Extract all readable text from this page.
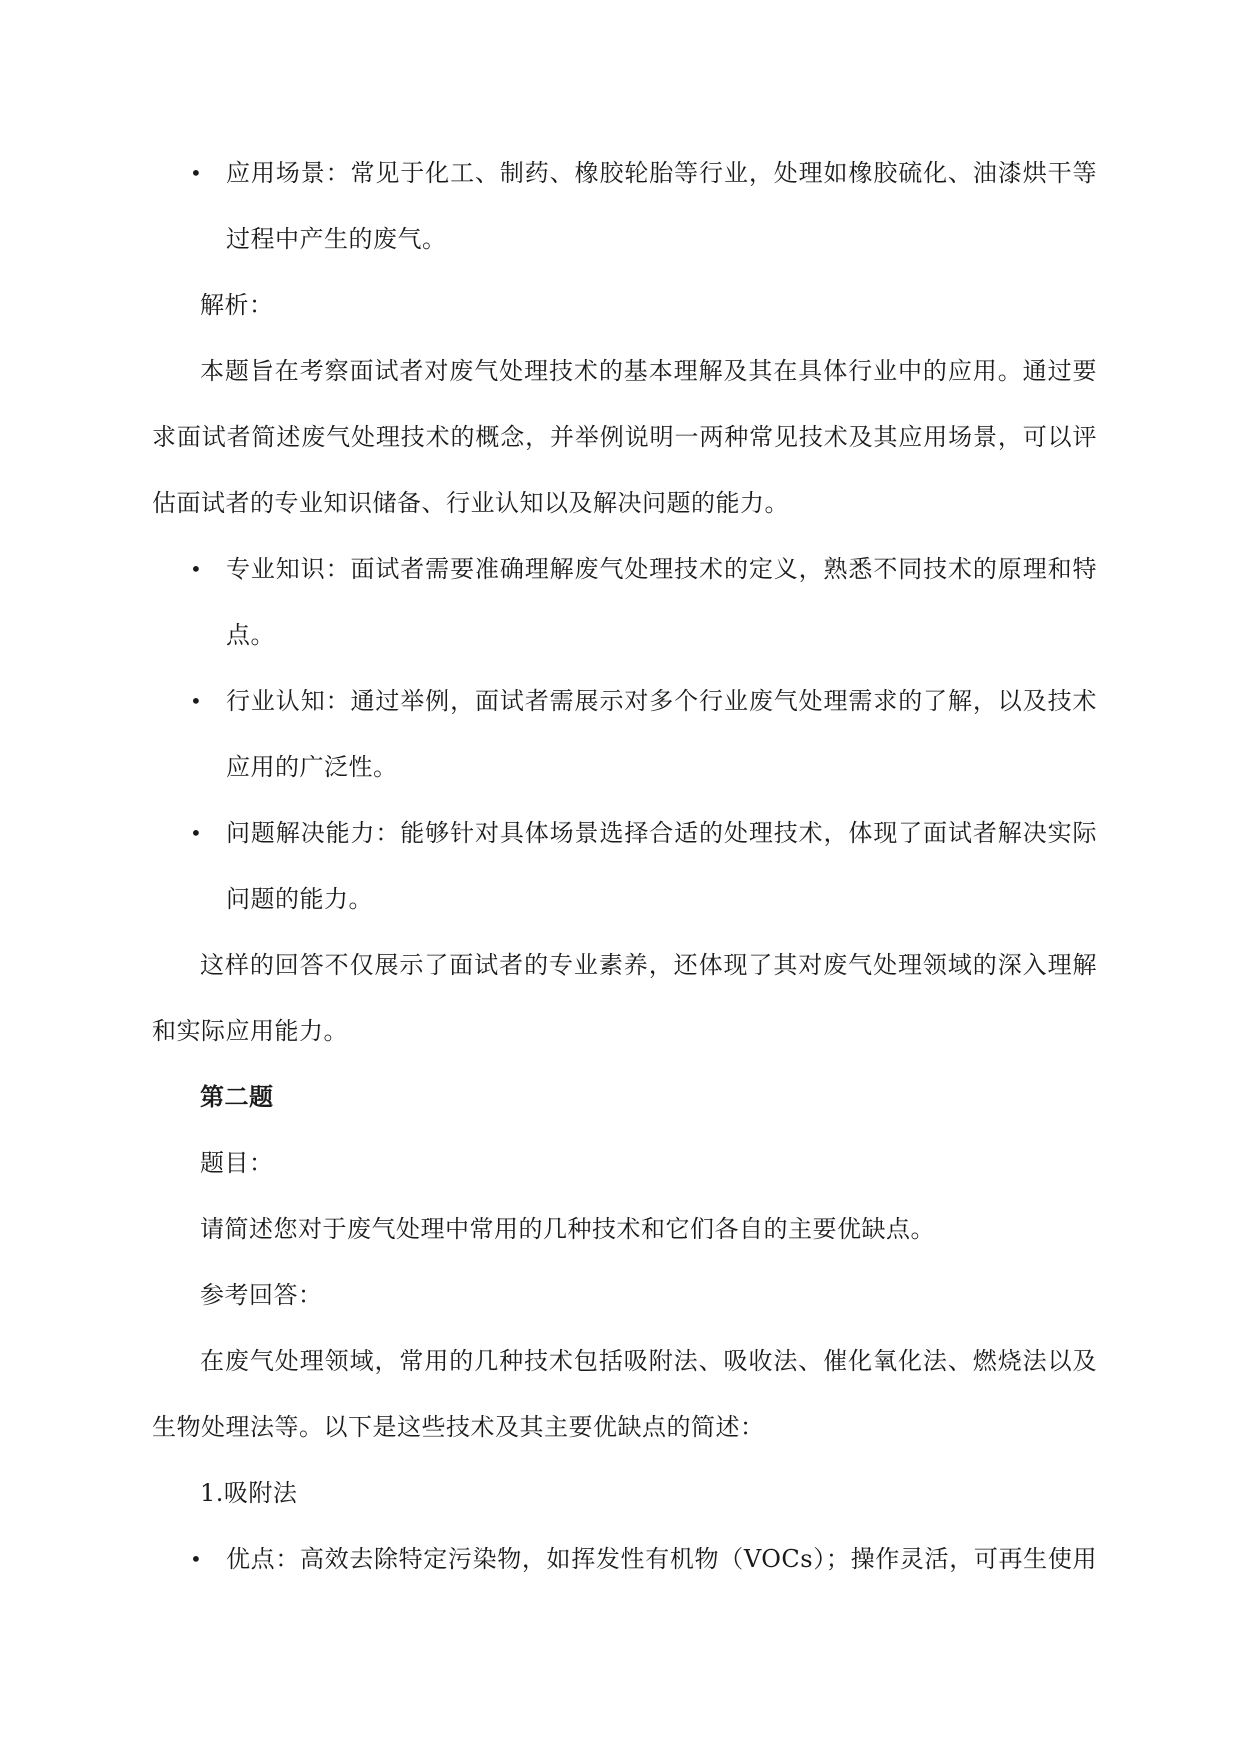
• 应用场景：常见于化工、制药、橡胶轮胎等行业，处理如橡胶硫化、油漆烘干等
过程中产生的废气。
解析：
本题旨在考察面试者对废气处理技术的基本理解及其在具体行业中的应用。通过要
求面试者简述废气处理技术的概念，并举例说明一两种常见技术及其应用场景，可以评
估面试者的专业知识储备、行业认知以及解决问题的能力。
• 专业知识：面试者需要准确理解废气处理技术的定义，熟悉不同技术的原理和特
点。
• 行业认知：通过举例，面试者需展示对多个行业废气处理需求的了解，以及技术
应用的广泛性。
• 问题解决能力：能够针对具体场景选择合适的处理技术，体现了面试者解决实际
问题的能力。
这样的回答不仅展示了面试者的专业素养，还体现了其对废气处理领域的深入理解
和实际应用能力。
第二题
题目：
请简述您对于废气处理中常用的几种技术和它们各自的主要优缺点。
参考回答：
在废气处理领域，常用的几种技术包括吸附法、吸收法、催化氧化法、燃烧法以及
生物处理法等。以下是这些技术及其主要优缺点的简述：
1.吸附法
• 优点：高效去除特定污染物，如挥发性有机物（VOCs）；操作灵活，可再生使用
